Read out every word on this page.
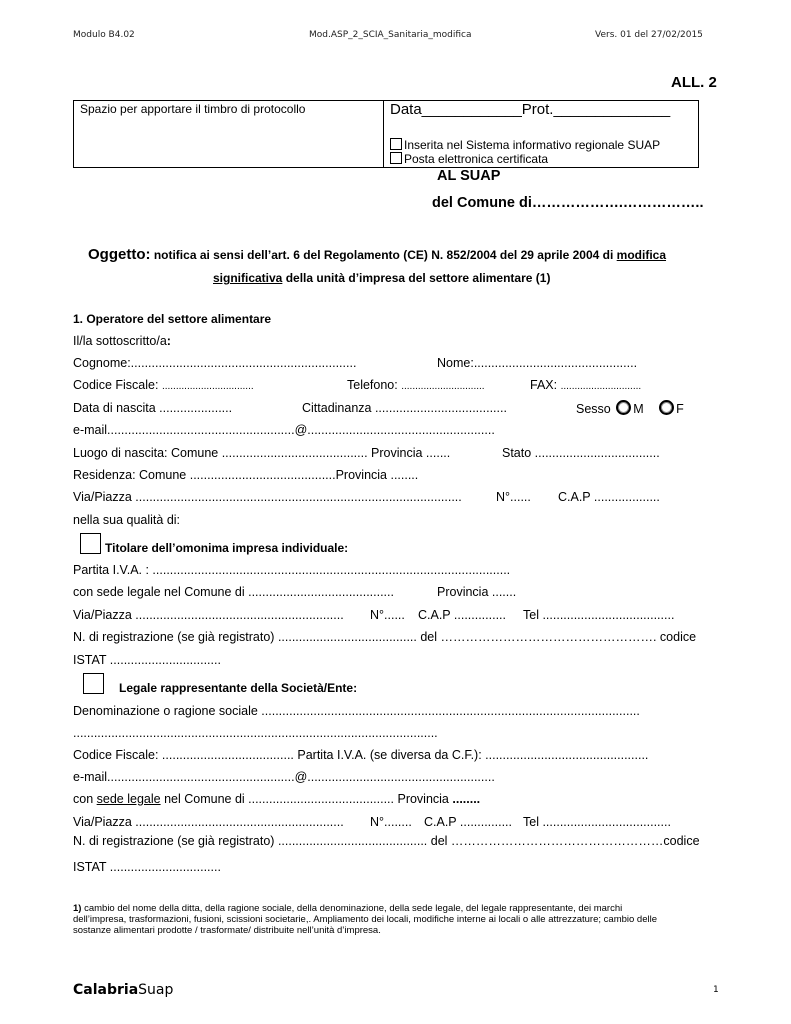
Modulo B4.02	Mod.ASP_2_SCIA_Sanitaria_modifica	Vers. 01 del 27/02/2015
ALL. 2
Spazio per apportare il timbro di protocollo	Data____________Prot.______________
Inserita nel Sistema informativo regionale SUAP
Posta elettronica certificata
AL SUAP
del Comune di……………….……………..
Oggetto: notifica ai sensi dell’art. 6 del Regolamento (CE) N. 852/2004 del 29 aprile 2004 di modifica
significativa della unità d’impresa del settore alimentare (1)
1. Operatore del settore alimentare
Il/la sottoscritto/a:
Cognome:.................................................................	Nome:...............................................
Codice Fiscale: .................................	Telefono: ..............................	FAX: .............................
Data di nascita .....................	Cittadinanza ......................................	Sesso M	F
e-mail......................................................@......................................................
Luogo di nascita: Comune .......................................... Provincia .......	Stato ....................................
Residenza: Comune ..........................................Provincia ........
Via/Piazza ..............................................................................................	N°...... C.A.P ...................
nella sua qualità di:
Titolare dell’omonima impresa individuale:
Partita I.V.A. : .......................................................................................................
con sede legale nel Comune di ..........................................	Provincia .......
Via/Piazza ............................................................ N°...... C.A.P ............... Tel ......................................
N. di registrazione (se già registrato) ........................................ del ……………………………………………. codice
ISTAT ................................
Legale rappresentante della Società/Ente:
Denominazione o ragione sociale .............................................................................................................
.........................................................................................................
Codice Fiscale: ...................................... Partita I.V.A. (se diversa da C.F.): ...............................................
e-mail......................................................@......................................................
con sede legale nel Comune di .......................................... Provincia ........
Via/Piazza ............................................................ N°........ C.A.P ............... Tel .....................................
N. di registrazione (se già registrato) ........................................... del ……………………………………………codice
ISTAT ................................
1) cambio del nome della ditta, della ragione sociale, della denominazione, della sede legale, del legale rappresentante, dei marchi
dell’impresa, trasformazioni, fusioni, scissioni societarie,. Ampliamento dei locali, modifiche interne ai locali o alle attrezzature; cambio delle
sostanze alimentari prodotte / trasformate/ distribuite nell’unità d’impresa.
CalabriaSuap	1
